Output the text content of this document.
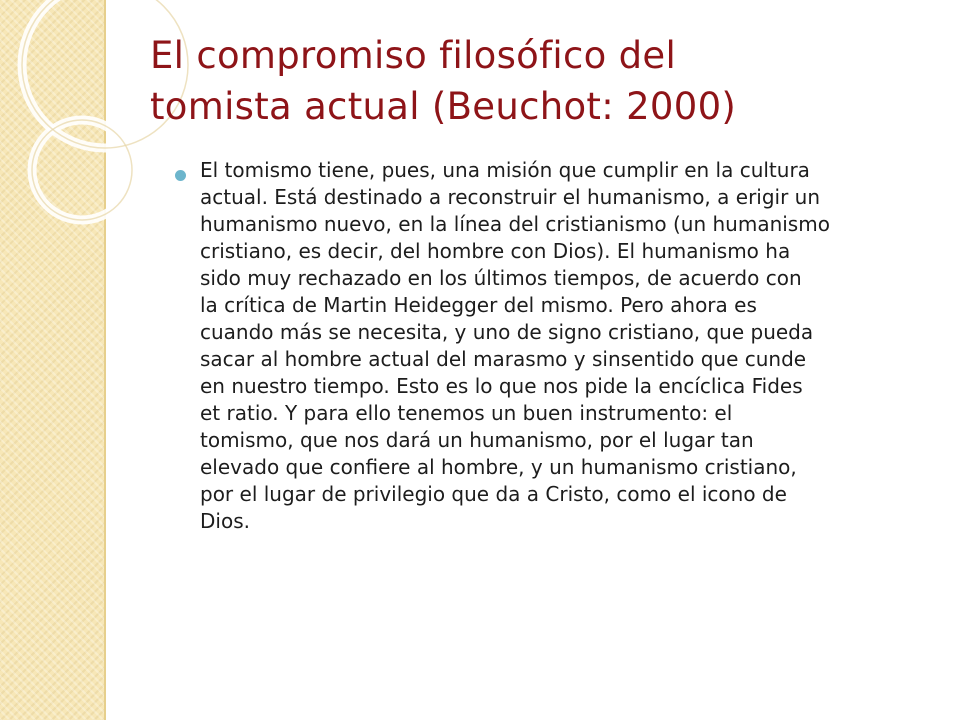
El compromiso filosófico del
tomista actual (Beuchot: 2000)
El tomismo tiene, pues, una misión que cumplir en la cultura
actual. Está destinado a reconstruir el humanismo, a erigir un
humanismo nuevo, en la línea del cristianismo (un humanismo
cristiano, es decir, del hombre con Dios). El humanismo ha
sido muy rechazado en los últimos tiempos, de acuerdo con
la crítica de Martin Heidegger del mismo. Pero ahora es
cuando más se necesita, y uno de signo cristiano, que pueda
sacar al hombre actual del marasmo y sinsentido que cunde
en nuestro tiempo. Esto es lo que nos pide la encíclica Fides
et ratio. Y para ello tenemos un buen instrumento: el
tomismo, que nos dará un humanismo, por el lugar tan
elevado que confiere al hombre, y un humanismo cristiano,
por el lugar de privilegio que da a Cristo, como el icono de
Dios.
